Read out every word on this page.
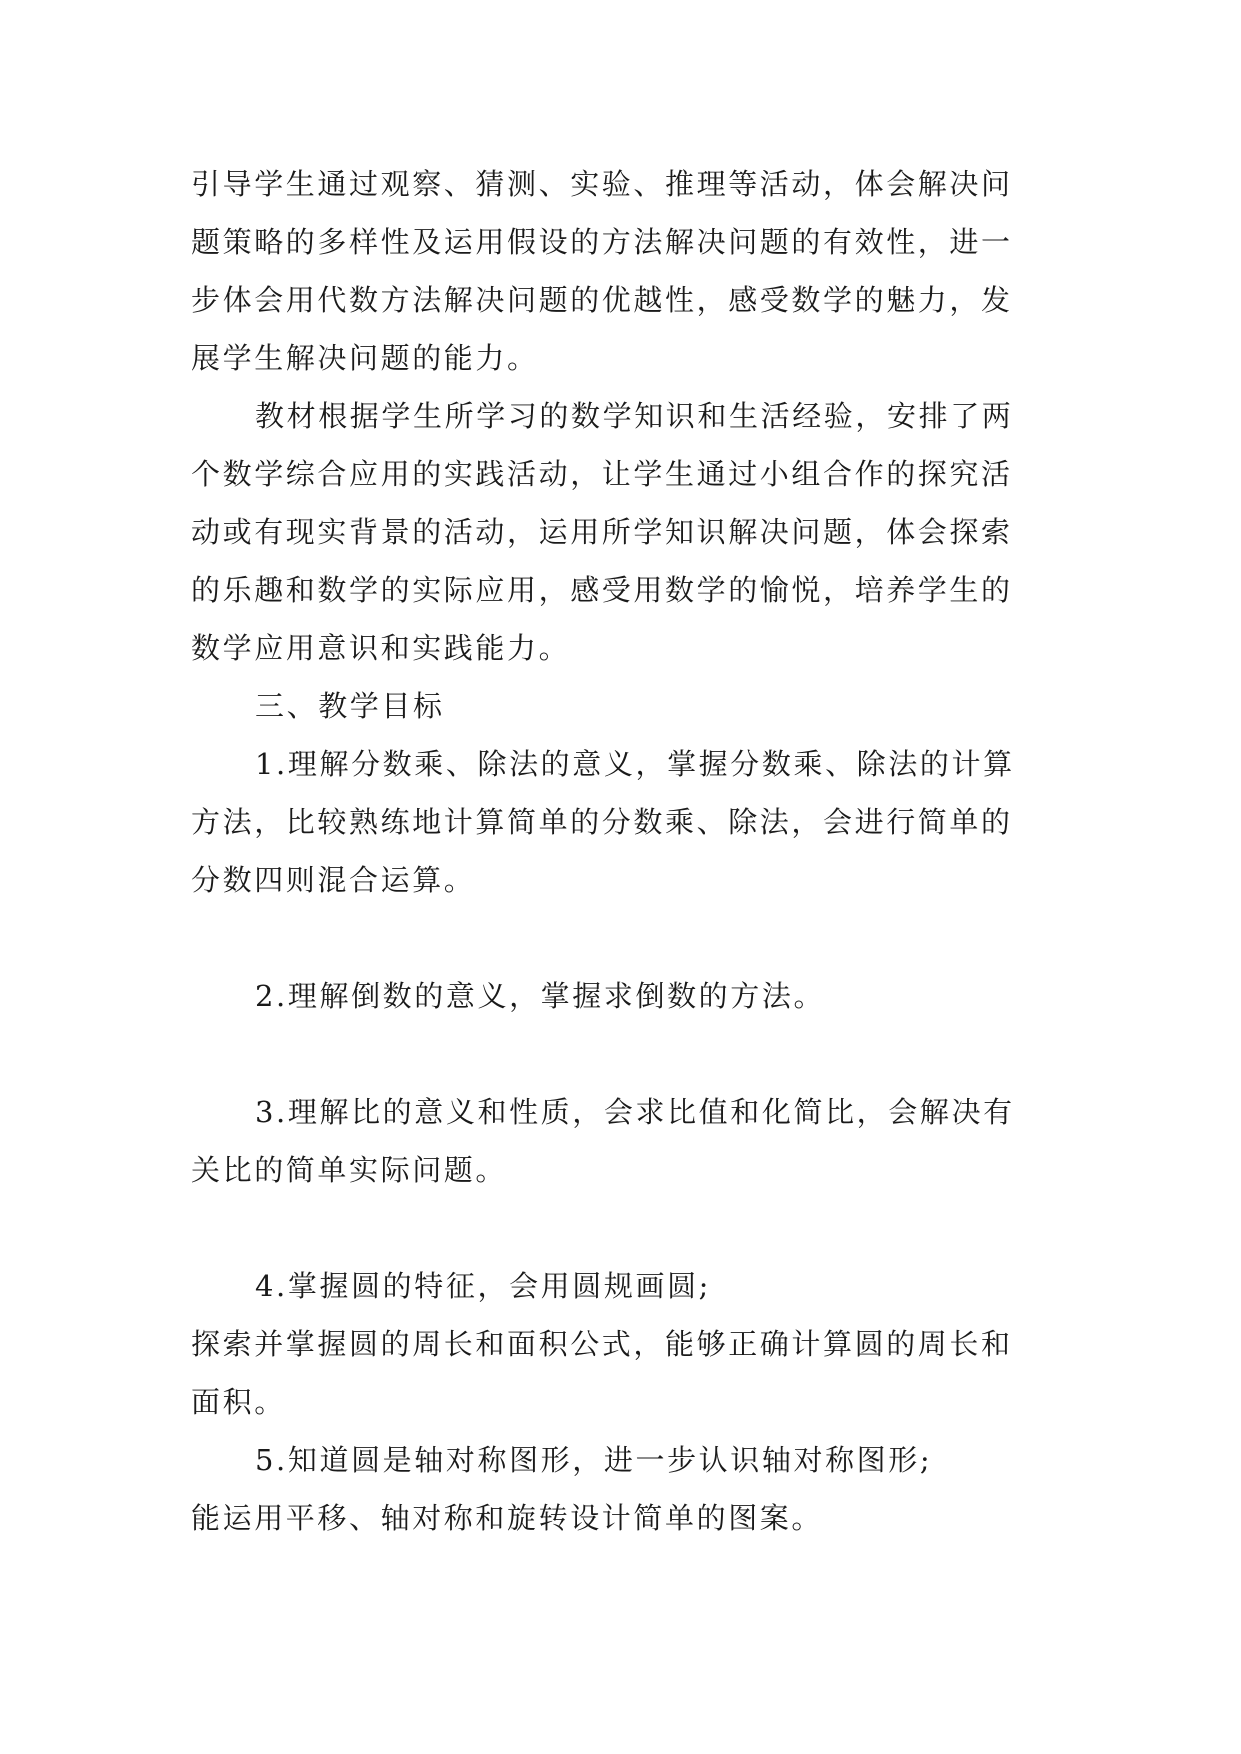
引导学生通过观察、猜测、实验、推理等活动，体会解决问
题策略的多样性及运用假设的方法解决问题的有效性，进一
步体会用代数方法解决问题的优越性，感受数学的魅力，发
展学生解决问题的能力。

教材根据学生所学习的数学知识和生活经验，安排了两
个数学综合应用的实践活动，让学生通过小组合作的探究活
动或有现实背景的活动，运用所学知识解决问题，体会探索
的乐趣和数学的实际应用，感受用数学的愉悦，培养学生的
数学应用意识和实践能力。

三、教学目标

1.理解分数乘、除法的意义，掌握分数乘、除法的计算
方法，比较熟练地计算简单的分数乘、除法，会进行简单的
分数四则混合运算。

2.理解倒数的意义，掌握求倒数的方法。

3.理解比的意义和性质，会求比值和化简比，会解决有
关比的简单实际问题。

4.掌握圆的特征，会用圆规画圆;

探索并掌握圆的周长和面积公式，能够正确计算圆的周长和
面积。

5.知道圆是轴对称图形，进一步认识轴对称图形;

能运用平移、轴对称和旋转设计简单的图案。
